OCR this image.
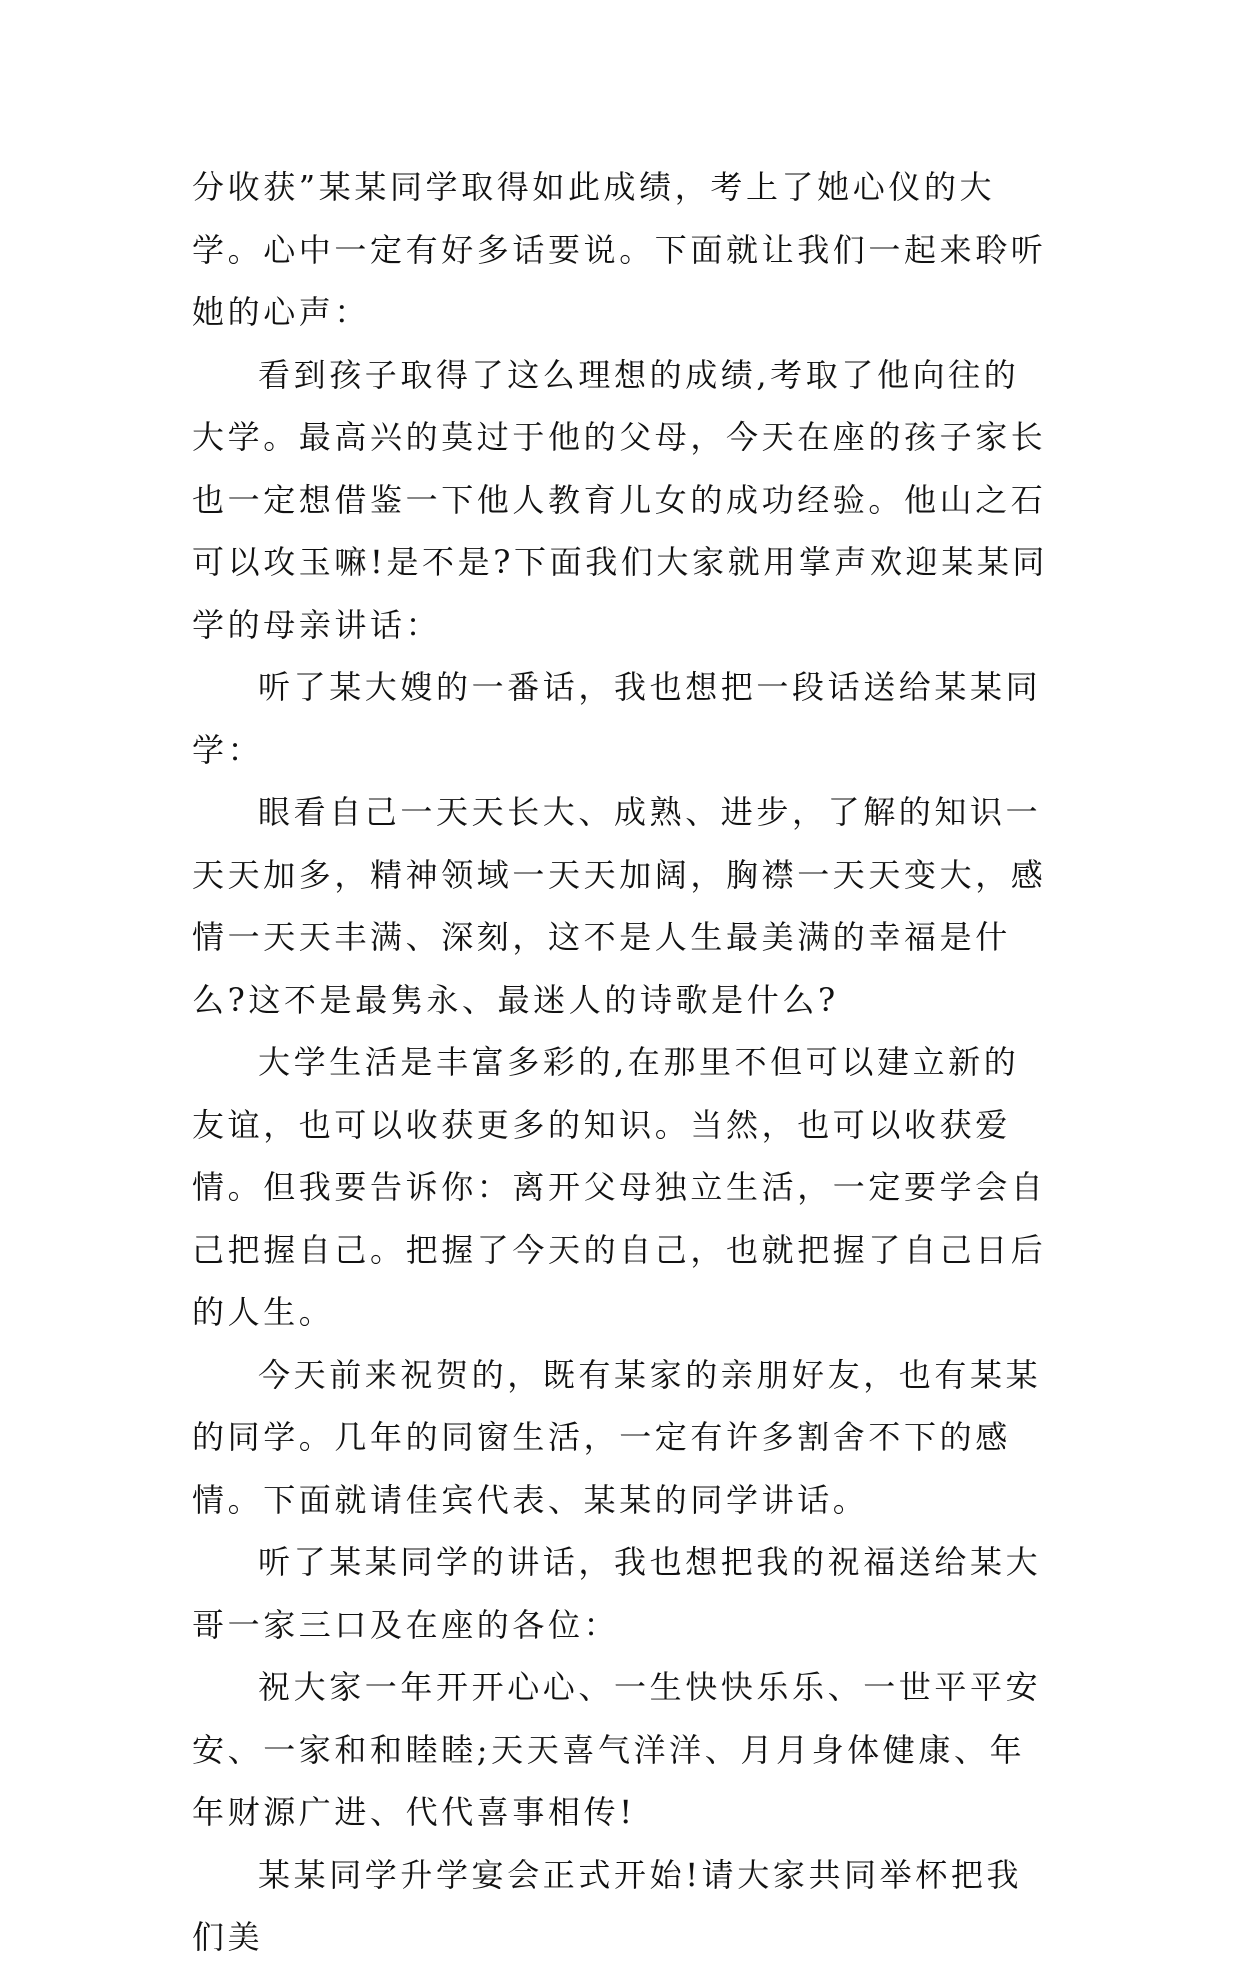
分收获”某某同学取得如此成绩，考上了她心仪的大学。心中一定有好多话要说。下面就让我们一起来聆听她的心声：

看到孩子取得了这么理想的成绩,考取了他向往的大学。最高兴的莫过于他的父母，今天在座的孩子家长也一定想借鉴一下他人教育儿女的成功经验。他山之石可以攻玉嘛!是不是?下面我们大家就用掌声欢迎某某同学的母亲讲话：

听了某大嫂的一番话，我也想把一段话送给某某同学：

眼看自己一天天长大、成熟、进步，了解的知识一天天加多，精神领域一天天加阔，胸襟一天天变大，感情一天天丰满、深刻，这不是人生最美满的幸福是什么?这不是最隽永、最迷人的诗歌是什么?

大学生活是丰富多彩的,在那里不但可以建立新的友谊，也可以收获更多的知识。当然，也可以收获爱情。但我要告诉你：离开父母独立生活，一定要学会自己把握自己。把握了今天的自己，也就把握了自己日后的人生。

今天前来祝贺的，既有某家的亲朋好友，也有某某的同学。几年的同窗生活，一定有许多割舍不下的感情。下面就请佳宾代表、某某的同学讲话。

听了某某同学的讲话，我也想把我的祝福送给某大哥一家三口及在座的各位：

祝大家一年开开心心、一生快快乐乐、一世平平安安、一家和和睦睦;天天喜气洋洋、月月身体健康、年年财源广进、代代喜事相传!

某某同学升学宴会正式开始!请大家共同举杯把我们美
